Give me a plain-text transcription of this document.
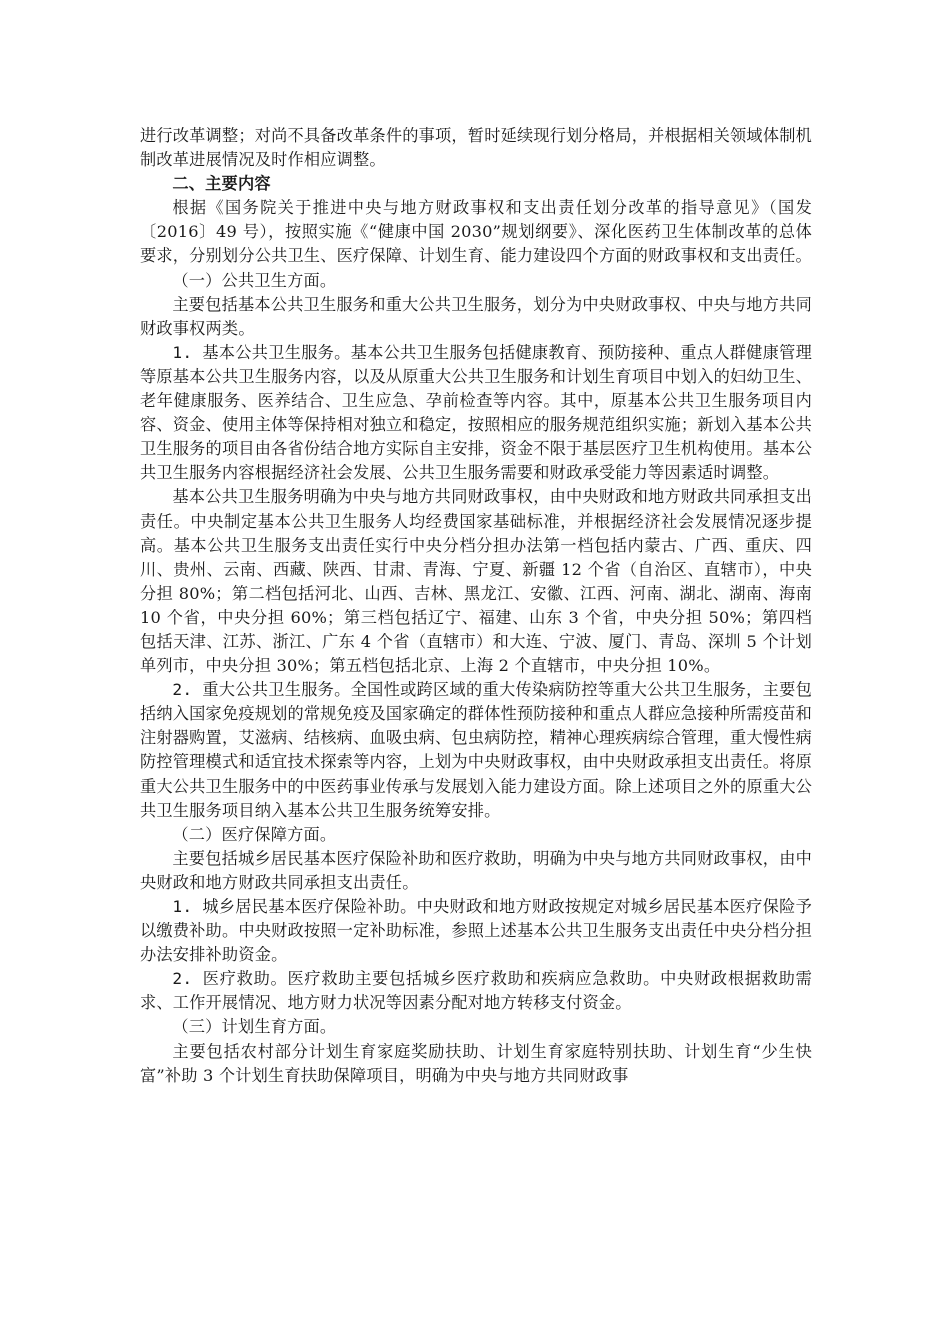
进行改革调整；对尚不具备改革条件的事项，暂时延续现行划分格局，并根据相关领域体制机制改革进展情况及时作相应调整。

二、主要内容

根据《国务院关于推进中央与地方财政事权和支出责任划分改革的指导意见》（国发〔2016〕49 号），按照实施《“健康中国 2030”规划纲要》、深化医药卫生体制改革的总体要求，分别划分公共卫生、医疗保障、计划生育、能力建设四个方面的财政事权和支出责任。

（一）公共卫生方面。

主要包括基本公共卫生服务和重大公共卫生服务，划分为中央财政事权、中央与地方共同财政事权两类。

1. 基本公共卫生服务。基本公共卫生服务包括健康教育、预防接种、重点人群健康管理等原基本公共卫生服务内容，以及从原重大公共卫生服务和计划生育项目中划入的妇幼卫生、老年健康服务、医养结合、卫生应急、孕前检查等内容。其中，原基本公共卫生服务项目内容、资金、使用主体等保持相对独立和稳定，按照相应的服务规范组织实施；新划入基本公共卫生服务的项目由各省份结合地方实际自主安排，资金不限于基层医疗卫生机构使用。基本公共卫生服务内容根据经济社会发展、公共卫生服务需要和财政承受能力等因素适时调整。

基本公共卫生服务明确为中央与地方共同财政事权，由中央财政和地方财政共同承担支出责任。中央制定基本公共卫生服务人均经费国家基础标准，并根据经济社会发展情况逐步提高。基本公共卫生服务支出责任实行中央分档分担办法第一档包括内蒙古、广西、重庆、四川、贵州、云南、西藏、陕西、甘肃、青海、宁夏、新疆 12 个省（自治区、直辖市），中央分担 80%；第二档包括河北、山西、吉林、黑龙江、安徽、江西、河南、湖北、湖南、海南 10 个省，中央分担 60%；第三档包括辽宁、福建、山东 3 个省，中央分担 50%；第四档包括天津、江苏、浙江、广东 4 个省（直辖市）和大连、宁波、厦门、青岛、深圳 5 个计划单列市，中央分担 30%；第五档包括北京、上海 2 个直辖市，中央分担 10%。

2. 重大公共卫生服务。全国性或跨区域的重大传染病防控等重大公共卫生服务，主要包括纳入国家免疫规划的常规免疫及国家确定的群体性预防接种和重点人群应急接种所需疫苗和注射器购置，艾滋病、结核病、血吸虫病、包虫病防控，精神心理疾病综合管理，重大慢性病防控管理模式和适宜技术探索等内容，上划为中央财政事权，由中央财政承担支出责任。将原重大公共卫生服务中的中医药事业传承与发展划入能力建设方面。除上述项目之外的原重大公共卫生服务项目纳入基本公共卫生服务统筹安排。

（二）医疗保障方面。

主要包括城乡居民基本医疗保险补助和医疗救助，明确为中央与地方共同财政事权，由中央财政和地方财政共同承担支出责任。

1. 城乡居民基本医疗保险补助。中央财政和地方财政按规定对城乡居民基本医疗保险予以缴费补助。中央财政按照一定补助标准，参照上述基本公共卫生服务支出责任中央分档分担办法安排补助资金。

2. 医疗救助。医疗救助主要包括城乡医疗救助和疾病应急救助。中央财政根据救助需求、工作开展情况、地方财力状况等因素分配对地方转移支付资金。

（三）计划生育方面。

主要包括农村部分计划生育家庭奖励扶助、计划生育家庭特别扶助、计划生育“少生快富”补助 3 个计划生育扶助保障项目，明确为中央与地方共同财政事
